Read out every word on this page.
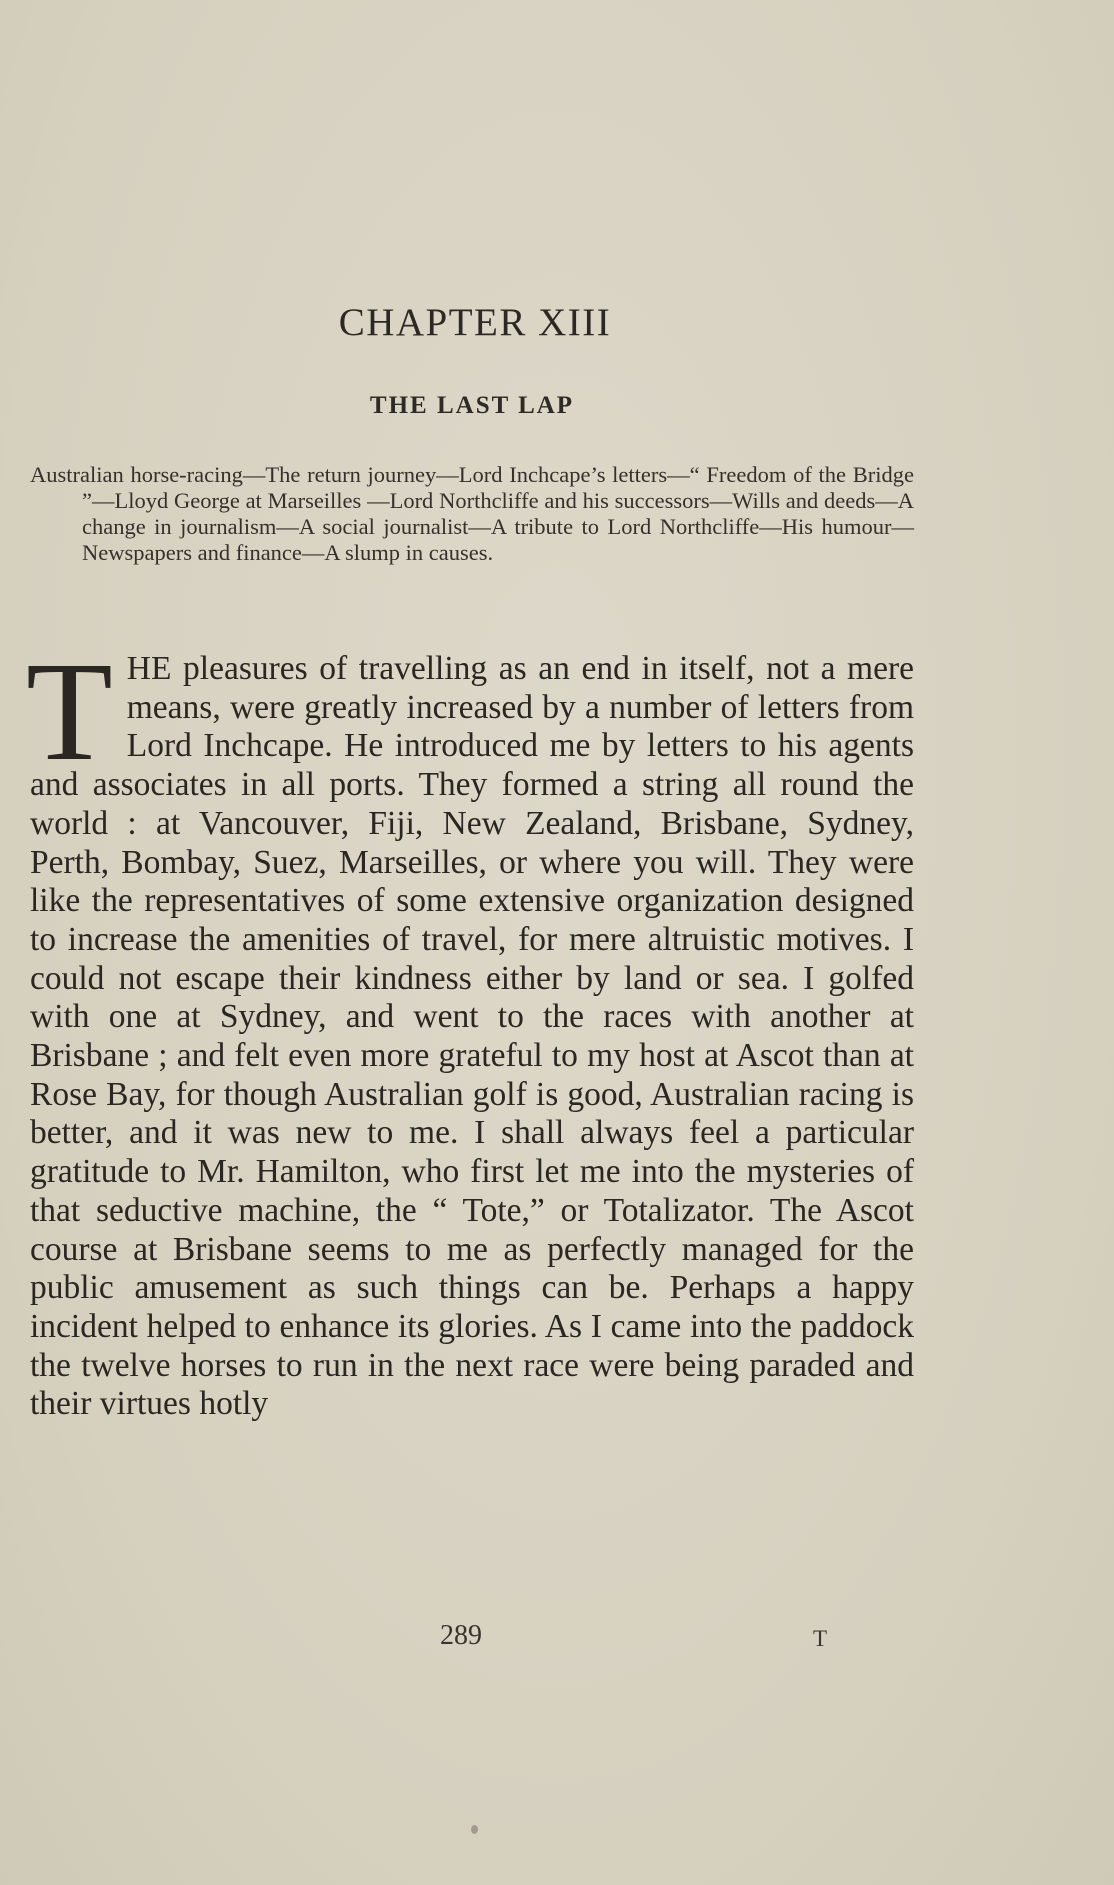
CHAPTER XIII
THE LAST LAP
Australian horse-racing—The return journey—Lord Inchcape’s letters—“ Freedom of the Bridge ”—Lloyd George at Marseilles —Lord Northcliffe and his successors—Wills and deeds—A change in journalism—A social journalist—A tribute to Lord Northcliffe—His humour—Newspapers and finance—A slump in causes.
THE pleasures of travelling as an end in itself, not a mere means, were greatly increased by a number of letters from Lord Inchcape. He introduced me by letters to his agents and associates in all ports. They formed a string all round the world : at Vancouver, Fiji, New Zealand, Brisbane, Sydney, Perth, Bombay, Suez, Marseilles, or where you will. They were like the representatives of some extensive organization designed to increase the amenities of travel, for mere altruistic motives. I could not escape their kindness either by land or sea. I golfed with one at Sydney, and went to the races with another at Brisbane ; and felt even more grateful to my host at Ascot than at Rose Bay, for though Australian golf is good, Australian racing is better, and it was new to me. I shall always feel a particular gratitude to Mr. Hamilton, who first let me into the mysteries of that seductive machine, the “ Tote,” or Totalizator. The Ascot course at Brisbane seems to me as perfectly managed for the public amusement as such things can be. Perhaps a happy incident helped to enhance its glories. As I came into the paddock the twelve horses to run in the next race were being paraded and their virtues hotly
289	T
